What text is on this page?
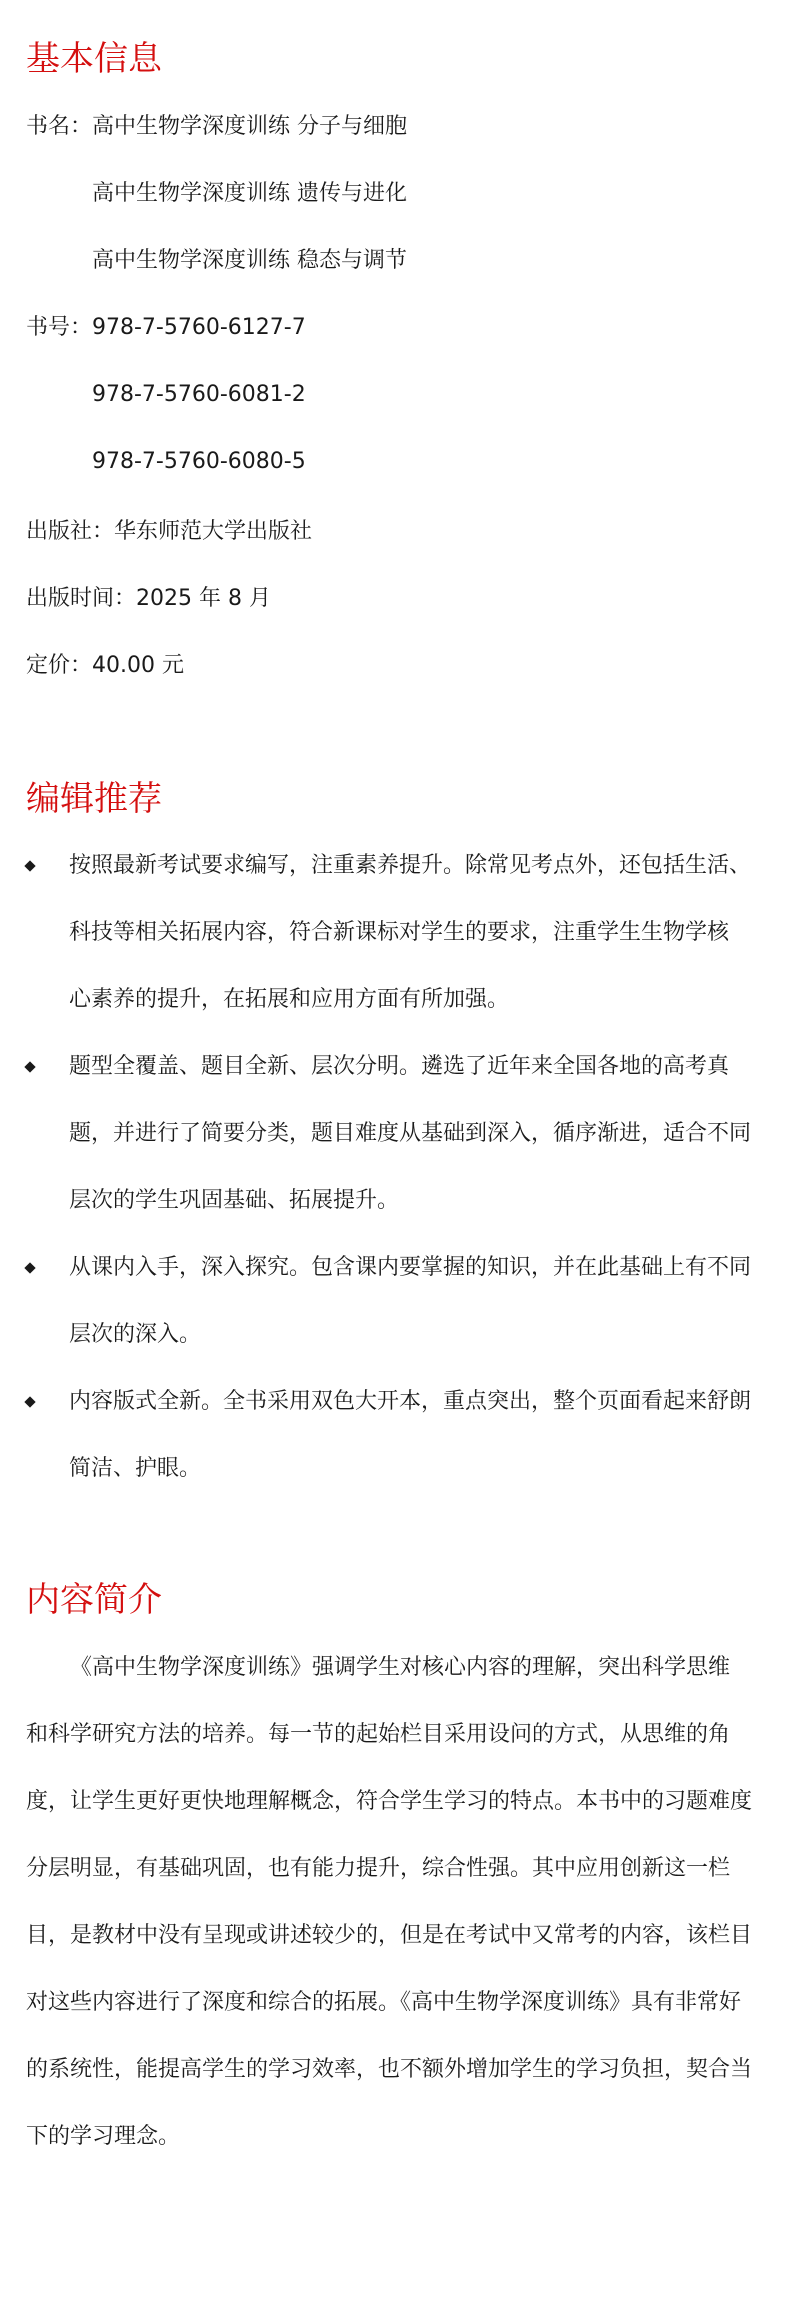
基本信息

书名： 高中生物学深度训练 分子与细胞

高中生物学深度训练 遗传与进化

高中生物学深度训练 稳态与调节

书号： 978-7-5760-6127-7

978-7-5760-6081-2

978-7-5760-6080-5

出版社：华东师范大学出版社

出版时间：2025 年 8 月

定价：40.00 元

编辑推荐

按照最新考试要求编写，注重素养提升。除常见考点外，还包括生活、

科技等相关拓展内容，符合新课标对学生的要求，注重学生生物学核

心素养的提升，在拓展和应用方面有所加强。

题型全覆盖、题目全新、层次分明。遴选了近年来全国各地的高考真

题，并进行了简要分类，题目难度从基础到深入，循序渐进，适合不同

层次的学生巩固基础、拓展提升。

从课内入手，深入探究。包含课内要掌握的知识，并在此基础上有不同

层次的深入。

内容版式全新。全书采用双色大开本，重点突出，整个页面看起来舒朗

简洁、护眼。

内容简介

《高中生物学深度训练》强调学生对核心内容的理解，突出科学思维

和科学研究方法的培养。每一节的起始栏目采用设问的方式，从思维的角

度，让学生更好更快地理解概念，符合学生学习的特点。本书中的习题难度

分层明显，有基础巩固，也有能力提升，综合性强。其中应用创新这一栏

目，是教材中没有呈现或讲述较少的，但是在考试中又常考的内容，该栏目

对这些内容进行了深度和综合的拓展。《高中生物学深度训练》具有非常好

的系统性，能提高学生的学习效率，也不额外增加学生的学习负担，契合当

下的学习理念。
